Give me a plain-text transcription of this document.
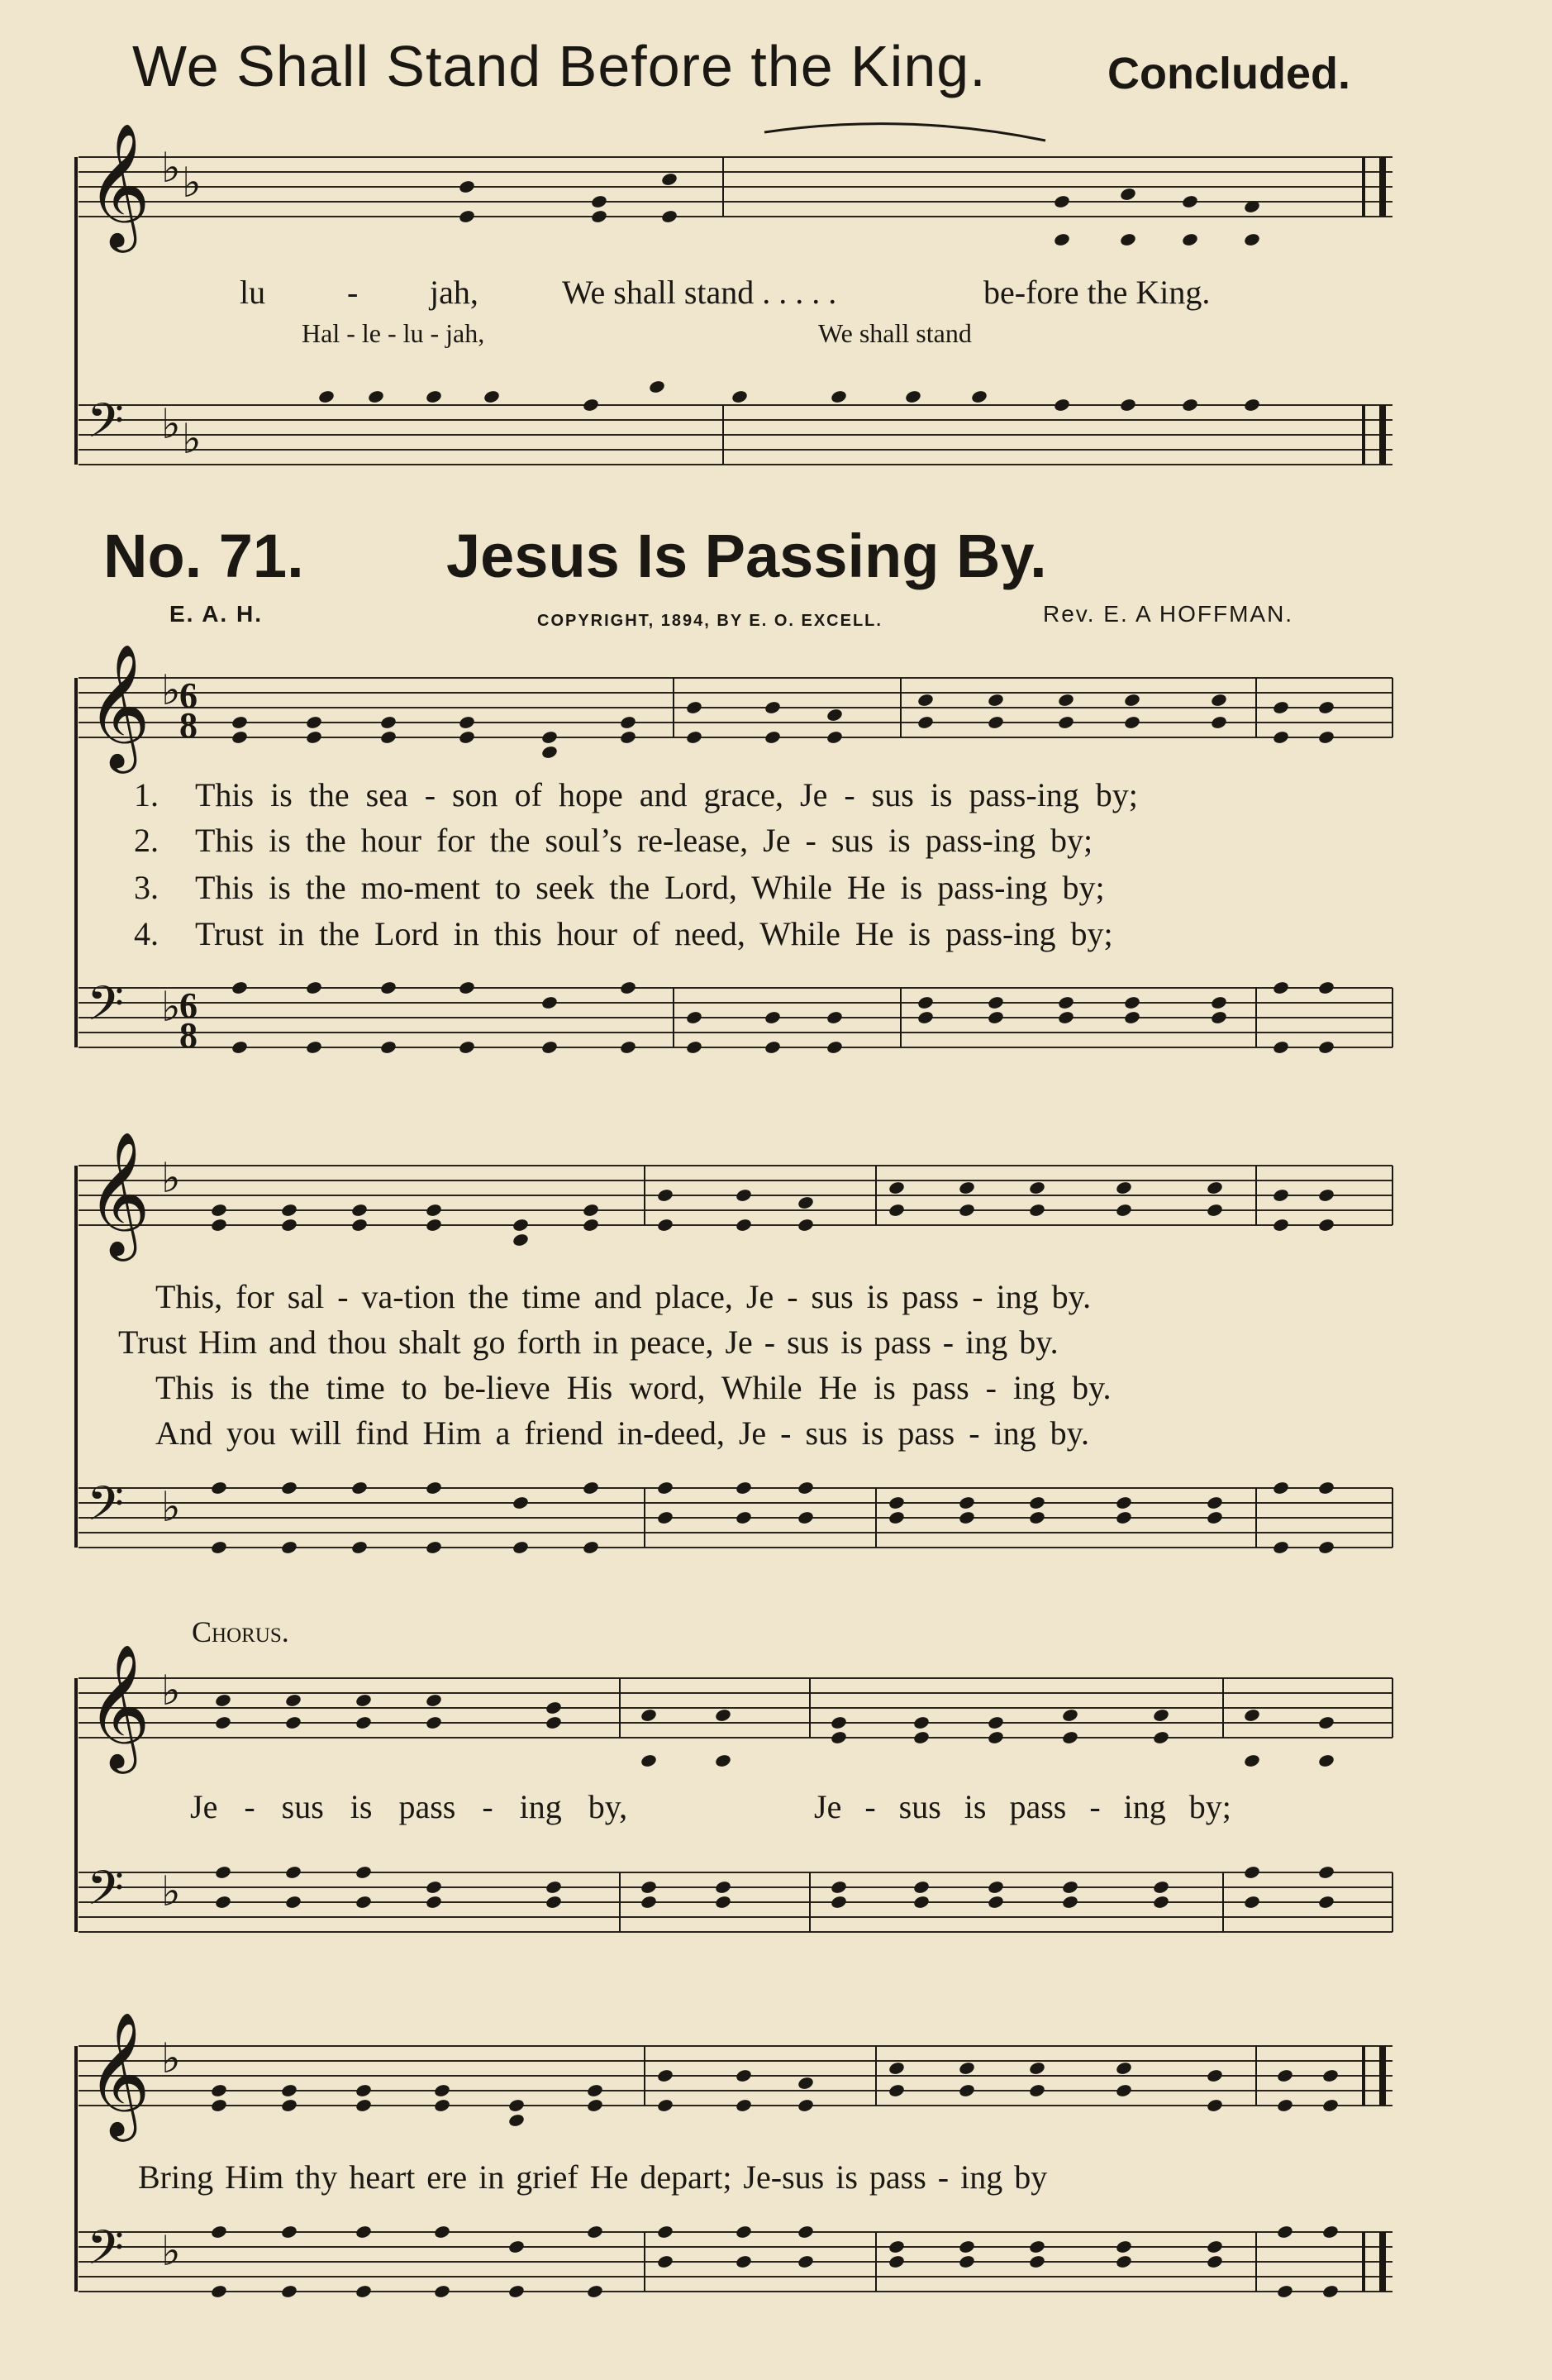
We Shall Stand Before the King.	Concluded.
𝄞 ♭ ♭
𝄢 ♭ ♭
𝄞 ♭
6
8
𝄢 ♭
6
8
𝄞 ♭
𝄢 ♭
𝄞 ♭
𝄢 ♭
𝄞 ♭
𝄢 ♭
lu - jah,	We shall stand . . . . .	be-fore the King.
Hal - le - lu - jah,	We shall stand
No. 71. Jesus Is Passing By.
E. A. H.	COPYRIGHT, 1894, BY E. O. EXCELL.	Rev. E. A HOFFMAN.
1. This is the sea - son of hope and grace, Je - sus is pass-ing by;
2. This is the hour for the soul’s re-lease, Je - sus is pass-ing by;
3. This is the mo-ment to seek the Lord, While He is pass-ing by;
4. Trust in the Lord in this hour of need, While He is pass-ing by;
This, for sal - va-tion the time and place, Je - sus is pass - ing by.
Trust Him and thou shalt go forth in peace, Je - sus is pass - ing by.
This is the time to be-lieve His word, While He is pass - ing by.
And you will find Him a friend in-deed, Je - sus is pass - ing by.
Chorus.
Je - sus is pass - ing by,	Je - sus is pass - ing by;
Bring Him thy heart ere in grief He depart; Je-sus is pass - ing by
